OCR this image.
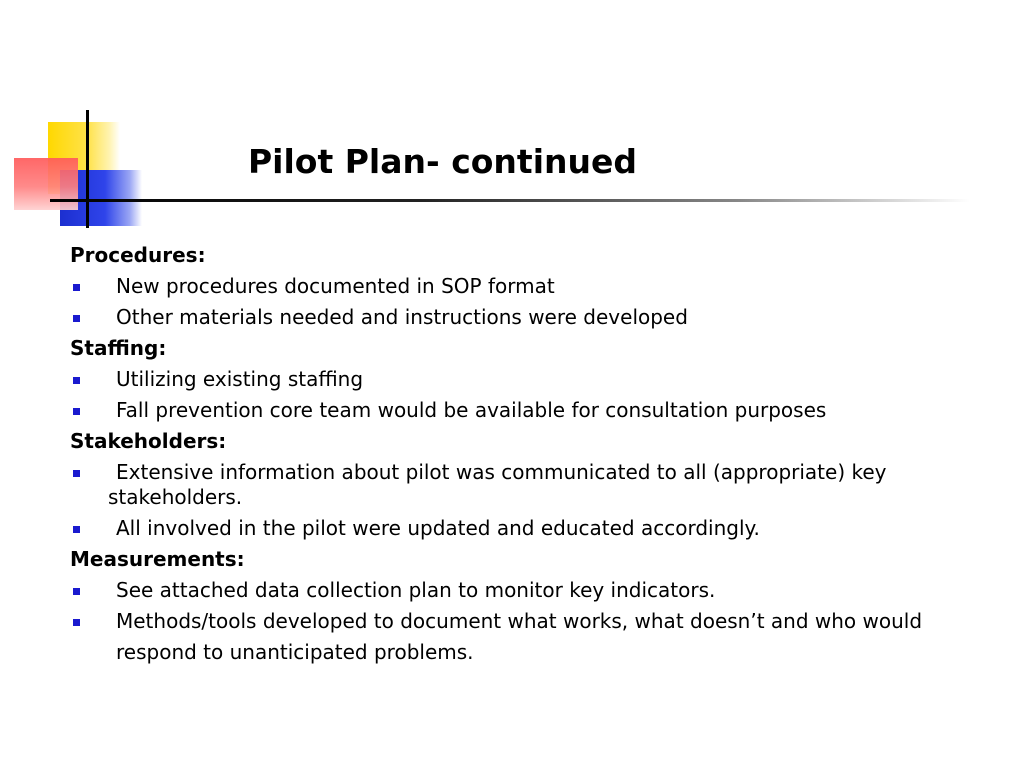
Pilot Plan- continued

Procedures:

New procedures documented in SOP format
Other materials needed and instructions were developed

Staffing:

Utilizing existing staffing
Fall prevention core team would be available for consultation purposes

Stakeholders:

Extensive information about pilot was communicated to all (appropriate) key stakeholders.
All involved in the pilot were updated and educated accordingly.

Measurements:

See attached data collection plan to monitor key indicators.
Methods/tools developed to document what works, what doesn’t and who would respond to unanticipated problems.
